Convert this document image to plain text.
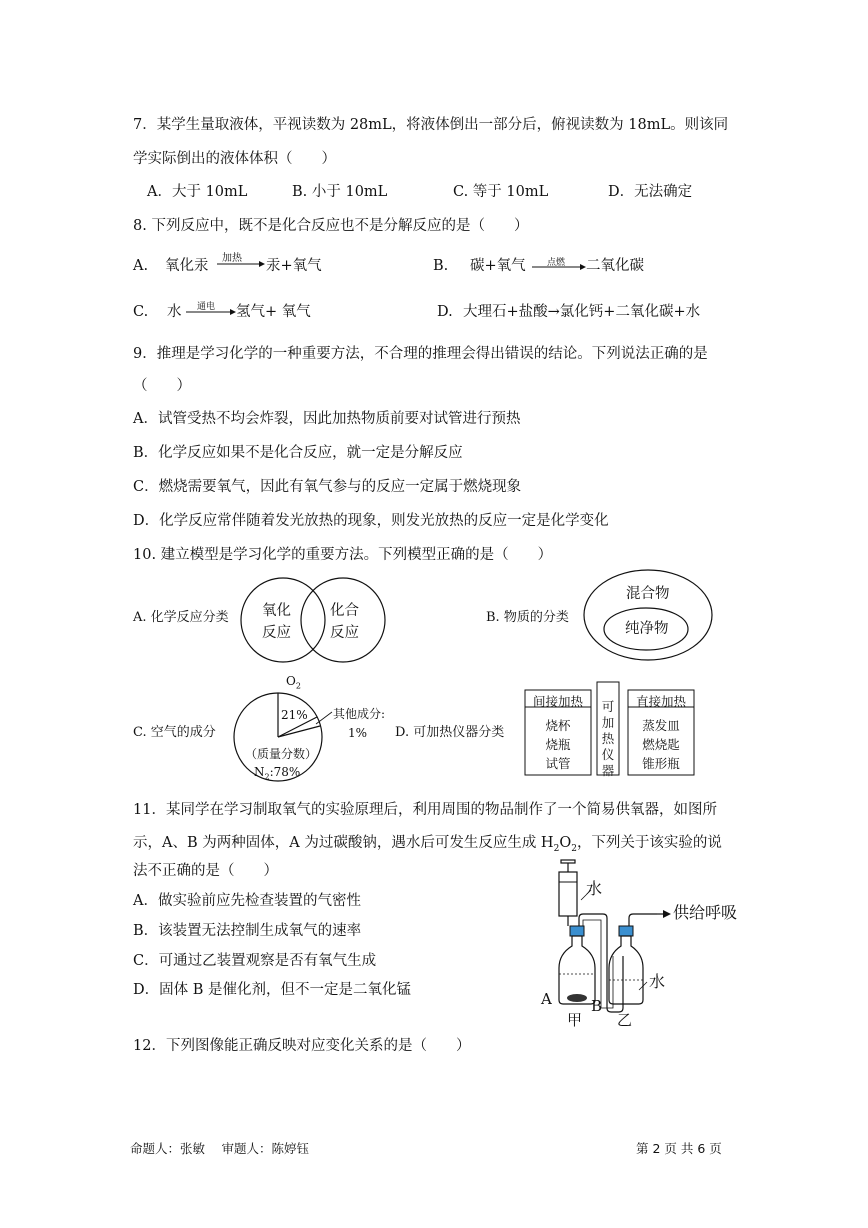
7．某学生量取液体，平视读数为 28mL，将液体倒出一部分后，俯视读数为 18mL。则该同
学实际倒出的液体体积（　　）
A．大于 10mL	B. 小于 10mL	C. 等于 10mL	D．无法确定
8. 下列反应中，既不是化合反应也不是分解反应的是（　　）
A. 氧化汞 加热 汞+氧气	B. 碳+氧气 点燃 二氧化碳
C. 水 通电 氢气+ 氧气	D. 大理石+盐酸→氯化钙+二氧化碳+水
9．推理是学习化学的一种重要方法，不合理的推理会得出错误的结论。下列说法正确的是
（　　）
A．试管受热不均会炸裂，因此加热物质前要对试管进行预热
B．化学反应如果不是化合反应，就一定是分解反应
C．燃烧需要氧气，因此有氧气参与的反应一定属于燃烧现象
D．化学反应常伴随着发光放热的现象，则发光放热的反应一定是化学变化
10. 建立模型是学习化学的重要方法。下列模型正确的是（　　）
A. 化学反应分类 氧化
反应
化合
反应
B. 物质的分类
混合物
纯净物
C. 空气的成分
$O_2$
21% 其他成分:
1%
（质量分数）
$N_2:78\%$
D. 可加热仪器分类
间接加热
烧杯
烧瓶
试管
可
加
热
仪
器
直接加热
蒸发皿
燃烧匙
锥形瓶
11．某同学在学习制取氧气的实验原理后，利用周围的物品制作了一个简易供氧器，如图所
示，A、B 为两种固体，A 为过碳酸钠，遇水后可发生反应生成 $H_2O_2$，下列关于该实验的说
法不正确的是（　　）
A．做实验前应先检查装置的气密性
B．该装置无法控制生成氧气的速率
C．可通过乙装置观察是否有氧气生成
D．固体 B 是催化剂，但不一定是二氧化锰
水
供给呼吸
水
A	B
甲 乙
12．下列图像能正确反映对应变化关系的是（　　）
命题人：张敏　 审题人：陈婷钰	第 2 页 共 6 页
